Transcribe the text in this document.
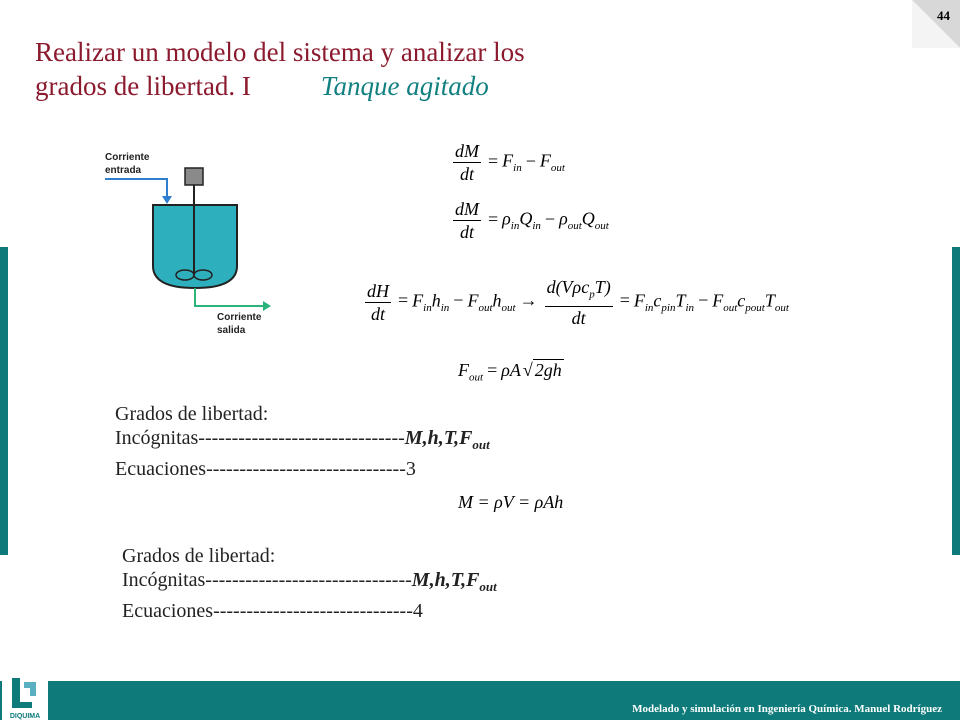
44
Realizar un modelo del sistema y analizar los
grados de libertad. I	Tanque agitado
Corriente
entrada
Corriente
salida
$\frac{dM}{dt} = F_{in} - F_{out}$
$\frac{dM}{dt} = \rho_{in}Q_{in} - \rho_{out}Q_{out}$
$\frac{dH}{dt} = F_{in}h_{in} - F_{out}h_{out} \to \frac{d(V\rho c_pT)}{dt} = F_{in}c_{pin}T_{in} - F_{out}c_{pout}T_{out}$
$F_{out} = \rho A$ √ 2gh
Grados de libertad:
Incógnitas-$------------------------------M,h,T,F_{out}$
Ecuaciones------------------------------3
M = ρV = ρAh
Grados de libertad:
Incógnitas-$------------------------------M,h,T,F_{out}$
Ecuaciones------------------------------4
Modelado y simulación en Ingeniería Química. Manuel Rodríguez
DIQUIMA
